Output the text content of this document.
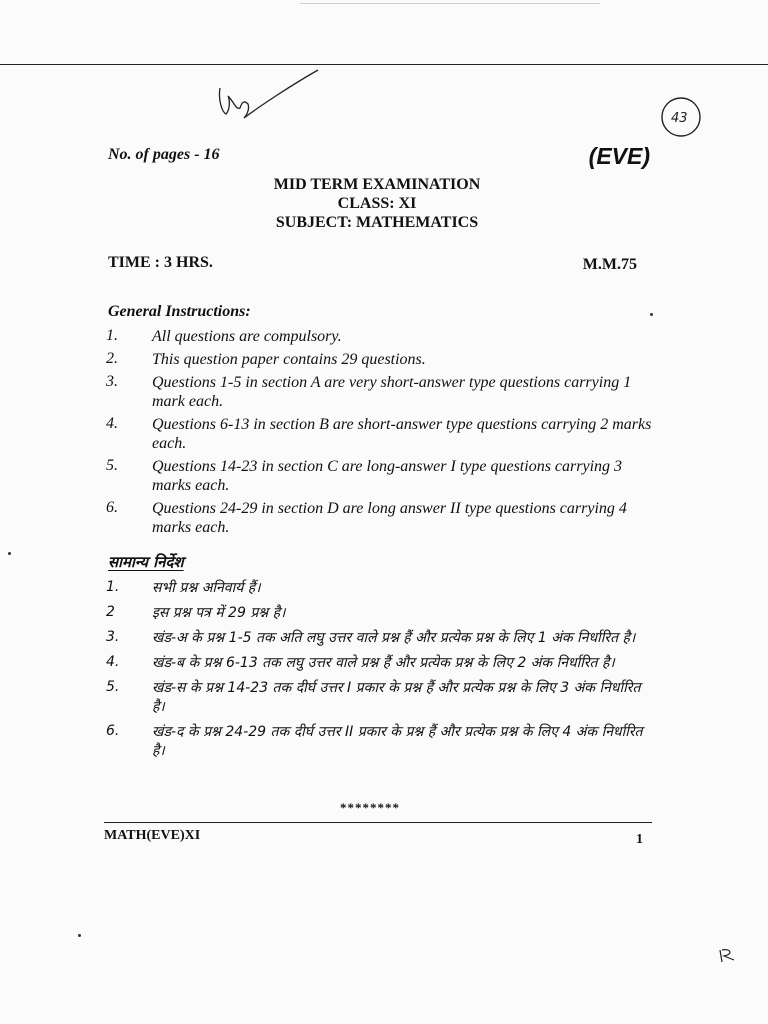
43
No. of pages - 16	(EVE)
MID TERM EXAMINATION
CLASS: XI
SUBJECT: MATHEMATICS
TIME : 3 HRS.	M.M.75
General Instructions:
1.	All questions are compulsory.
2.	This question paper contains 29 questions.
3.	Questions 1-5 in section A are very short-answer type questions carrying 1 mark each.
4.	Questions 6-13 in section B are short-answer type questions carrying 2 marks each.
5.	Questions 14-23 in section C are long-answer I type questions carrying 3 marks each.
6.	Questions 24-29 in section D are long answer II type questions carrying 4 marks each.
सामान्य निर्देश
1.	सभी प्रश्न अनिवार्य हैं।
2	इस प्रश्न पत्र में 29 प्रश्न है।
3.	खंड-अ के प्रश्न 1-5 तक अति लघु उत्तर वाले प्रश्न हैं और प्रत्येक प्रश्न के लिए 1 अंक निर्धारित है।
4.	खंड-ब के प्रश्न 6-13 तक लघु उत्तर वाले प्रश्न हैं और प्रत्येक प्रश्न के लिए 2 अंक निर्धारित है।
5.	खंड-स के प्रश्न 14-23 तक दीर्घ उत्तर I प्रकार के प्रश्न हैं और प्रत्येक प्रश्न के लिए 3 अंक निर्धारित है।
6.	खंड-द के प्रश्न 24-29 तक दीर्घ उत्तर II प्रकार के प्रश्न हैं और प्रत्येक प्रश्न के लिए 4 अंक निर्धारित है।
********
MATH(EVE)XI	1
